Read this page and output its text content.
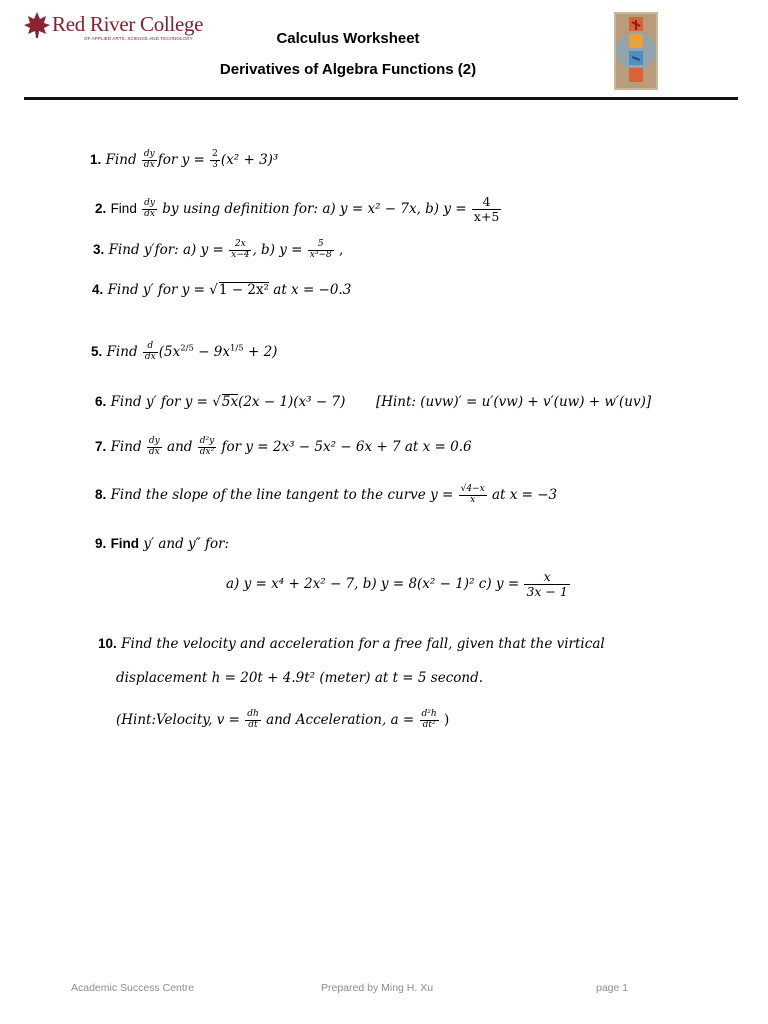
Red River College
OF APPLIED ARTS, SCIENCE AND TECHNOLOGY	Calculus Worksheet
Derivatives of Algebra Functions (2)
1. Find $\frac{dy}{dx}$ for $y = \frac{2}{3} (x^2 + 3)^3$
2. Find $\frac{dy}{dx}$ by using definition for: a) y = x² − 7x, b) $y = \frac{4}{x+5}$
3. Find y′for: a) $y = \frac{2x}{x-4}$ , b) $y = \frac{5}{\text{x³−8}}$ ,
4. Find y′ for y = √1 − 2x² at x = −0.3
5. Find $\frac{d}{dx} (5x^{2/5} - 9x^{1/5} + 2)$
6. Find y′ for y = √5x(2x − 1)(x³ − 7) [Hint: (uvw)′ = u′(vw) + v′(uw) + w′(uv)]
7. Find $\frac{dy}{dx}$ and $\frac{\text{d²y}}{\text{dx²}}$ for y = 2x³ − 5x² − 6x + 7 at x = 0.6
8. Find the slope of the line tangent to the curve $y = \frac{√4-x}{x}$ at x = −3
9. Find y′ and y″ for:
a) y = x⁴ + 2x² − 7, b) y = 8(x² − 1)² c) $y = \frac{x}{3x - 1}$
10. Find the velocity and acceleration for a free fall, given that the virtical
displacement h = 20t + 4.9t² (meter) at t = 5 second.
(Hint:Velocity, $v = \frac{dh}{dt}$ and Acceleration, $a = \frac{\text{d²h}}{\text{dt²}}$ )
Academic Success Centre	Prepared by Ming H. Xu	page 1
